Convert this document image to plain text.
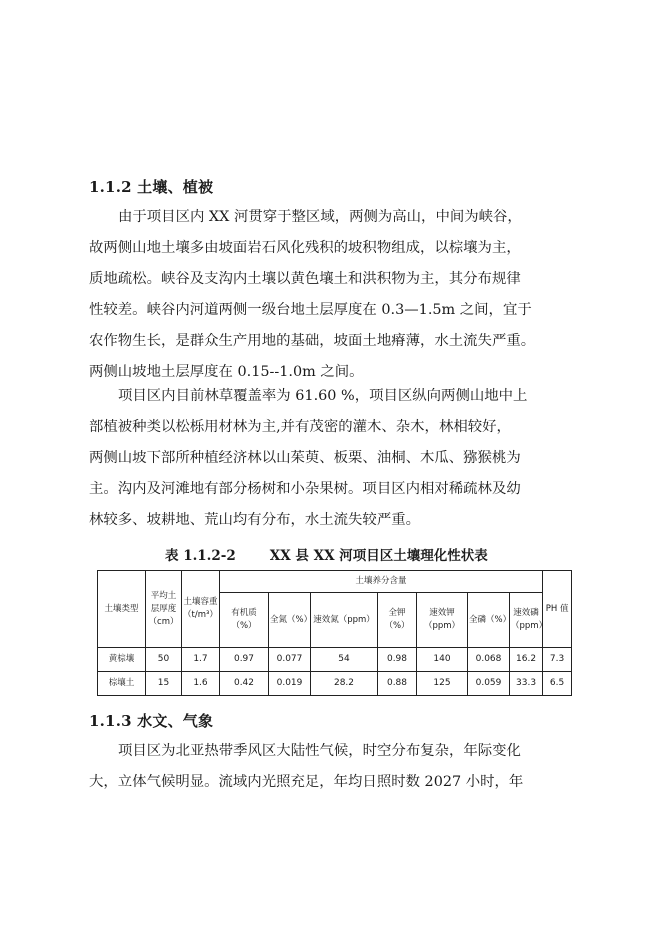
1.1.2 土壤、植被
由于项目区内 XX 河贯穿于整区域，两侧为高山，中间为峡谷，
故两侧山地土壤多由坡面岩石风化残积的坡积物组成，以棕壤为主，
质地疏松。峡谷及支沟内土壤以黄色壤土和洪积物为主，其分布规律
性较差。峡谷内河道两侧一级台地土层厚度在 0.3—1.5m 之间，宜于
农作物生长，是群众生产用地的基础，坡面土地瘠薄，水土流失严重。
两侧山坡地土层厚度在 0.15--1.0m 之间。
项目区内目前林草覆盖率为 61.60 %，项目区纵向两侧山地中上
部植被种类以松栎用材林为主,并有茂密的灌木、杂木，林相较好，
两侧山坡下部所种植经济林以山茱萸、板栗、油桐、木瓜、猕猴桃为
主。沟内及河滩地有部分杨树和小杂果树。项目区内相对稀疏林及幼
林较多、坡耕地、荒山均有分布，水土流失较严重。
表 1.1.2-2	XX 县 XX 河项目区土壤理化性状表
土壤类型	平均土层厚度（cm）	土壤容重（t/m³）	土壤养分含量							PH 值
			有机质（%）	全氮（%）	速效氮（ppm）	全钾（%）	速效钾（ppm）	全磷（%）	速效磷（ppm）	
黄棕壤	50	1.7	0.97	0.077	54	0.98	140	0.068	16.2	7.3
棕壤土	15	1.6	0.42	0.019	28.2	0.88	125	0.059	33.3	6.5
1.1.3 水文、气象
项目区为北亚热带季风区大陆性气候，时空分布复杂，年际变化
大，立体气候明显。流域内光照充足，年均日照时数 2027 小时，年
